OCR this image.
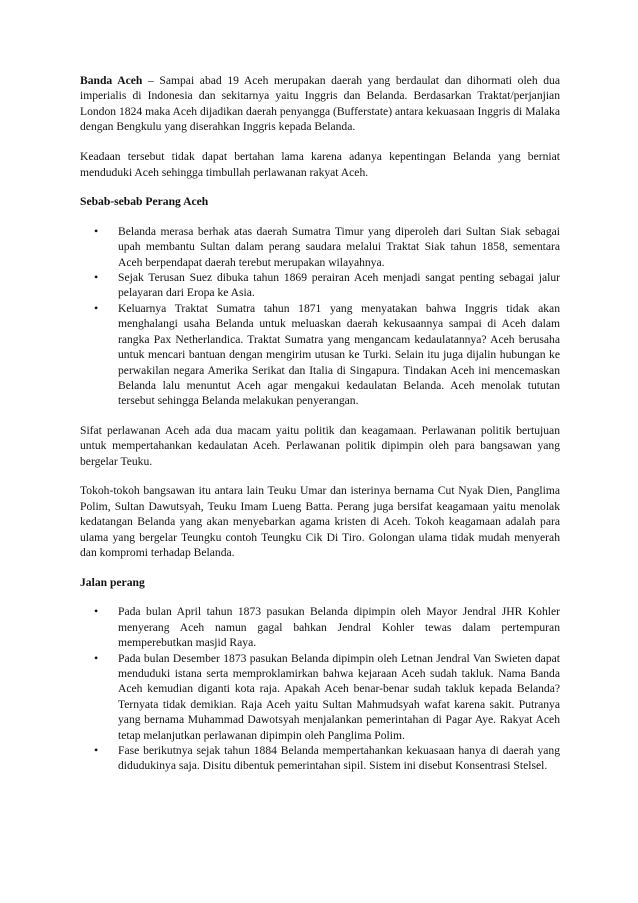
Banda Aceh – Sampai abad 19 Aceh merupakan daerah yang berdaulat dan dihormati oleh dua imperialis di Indonesia dan sekitarnya yaitu Inggris dan Belanda. Berdasarkan Traktat/perjanjian London 1824 maka Aceh dijadikan daerah penyangga (Bufferstate) antara kekuasaan Inggris di Malaka dengan Bengkulu yang diserahkan Inggris kepada Belanda.

Keadaan tersebut tidak dapat bertahan lama karena adanya kepentingan Belanda yang berniat menduduki Aceh sehingga timbullah perlawanan rakyat Aceh.

Sebab-sebab Perang Aceh

• Belanda merasa berhak atas daerah Sumatra Timur yang diperoleh dari Sultan Siak sebagai upah membantu Sultan dalam perang saudara melalui Traktat Siak tahun 1858, sementara Aceh berpendapat daerah terebut merupakan wilayahnya.
• Sejak Terusan Suez dibuka tahun 1869 perairan Aceh menjadi sangat penting sebagai jalur pelayaran dari Eropa ke Asia.
• Keluarnya Traktat Sumatra tahun 1871 yang menyatakan bahwa Inggris tidak akan menghalangi usaha Belanda untuk meluaskan daerah kekusaannya sampai di Aceh dalam rangka Pax Netherlandica. Traktat Sumatra yang mengancam kedaulatannya? Aceh berusaha untuk mencari bantuan dengan mengirim utusan ke Turki. Selain itu juga dijalin hubungan ke perwakilan negara Amerika Serikat dan Italia di Singapura. Tindakan Aceh ini mencemaskan Belanda lalu menuntut Aceh agar mengakui kedaulatan Belanda. Aceh menolak tututan tersebut sehingga Belanda melakukan penyerangan.

Sifat perlawanan Aceh ada dua macam yaitu politik dan keagamaan. Perlawanan politik bertujuan untuk mempertahankan kedaulatan Aceh. Perlawanan politik dipimpin oleh para bangsawan yang bergelar Teuku.

Tokoh-tokoh bangsawan itu antara lain Teuku Umar dan isterinya bernama Cut Nyak Dien, Panglima Polim, Sultan Dawutsyah, Teuku Imam Lueng Batta. Perang juga bersifat keagamaan yaitu menolak kedatangan Belanda yang akan menyebarkan agama kristen di Aceh. Tokoh keagamaan adalah para ulama yang bergelar Teungku contoh Teungku Cik Di Tiro. Golongan ulama tidak mudah menyerah dan kompromi terhadap Belanda.

Jalan perang

• Pada bulan April tahun 1873 pasukan Belanda dipimpin oleh Mayor Jendral JHR Kohler menyerang Aceh namun gagal bahkan Jendral Kohler tewas dalam pertempuran memperebutkan masjid Raya.
• Pada bulan Desember 1873 pasukan Belanda dipimpin oleh Letnan Jendral Van Swieten dapat menduduki istana serta memproklamirkan bahwa kejaraan Aceh sudah takluk. Nama Banda Aceh kemudian diganti kota raja. Apakah Aceh benar-benar sudah takluk kepada Belanda? Ternyata tidak demikian. Raja Aceh yaitu Sultan Mahmudsyah wafat karena sakit. Putranya yang bernama Muhammad Dawotsyah menjalankan pemerintahan di Pagar Aye. Rakyat Aceh tetap melanjutkan perlawanan dipimpin oleh Panglima Polim.
• Fase berikutnya sejak tahun 1884 Belanda mempertahankan kekuasaan hanya di daerah yang didudukinya saja. Disitu dibentuk pemerintahan sipil. Sistem ini disebut Konsentrasi Stelsel.
